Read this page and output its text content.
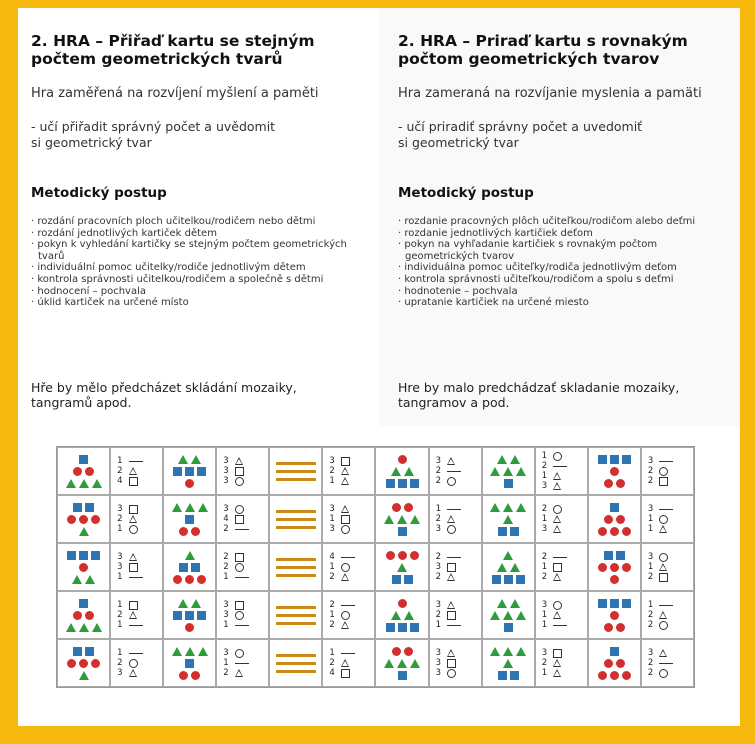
2. HRA – Přiřaď kartu se stejným počtem geometrických tvarů
Hra zaměřená na rozvíjení myšlení a paměti
- učí přiřadit správný počet a uvědomit
si geometrický tvar
Metodický postup
· rozdání pracovních ploch učitelkou/rodičem nebo dětmi
· rozdání jednotlivých kartiček dětem
· pokyn k vyhledání kartičky se stejným počtem geometrických tvarů
· individuální pomoc učitelky/rodiče jednotlivým dětem
· kontrola správnosti učitelkou/rodičem a společně s dětmi
· hodnocení – pochvala
· úklid kartiček na určené místo
Hře by mělo předcházet skládání mozaiky,
tangramů apod.
2. HRA – Priraď kartu s rovnakým počtom geometrických tvarov
Hra zameraná na rozvíjanie myslenia a pamäti
- učí priradiť správny počet a uvedomiť
si geometrický tvar
Metodický postup
· rozdanie pracovných plôch učiteľkou/rodičom alebo deťmi
· rozdanie jednotlivých kartičiek deťom
· pokyn na vyhľadanie kartičiek s rovnakým počtom geometrických tvarov
· individuálna pomoc učiteľky/rodiča jednotlivým deťom
· kontrola správnosti učiteľkou/rodičom a spolu s deťmi
· hodnotenie – pochvala
· upratanie kartičiek na určené miesto
Hre by malo predchádzať skladanie mozaiky,
tangramov a pod.
1
2
4
3
3
3
3
2
1
3
2
2
1
2
1
3
3
2
2
3
2
1
3
4
2
3
1
3
1
2
3
2
1
3
3
1
1
3
3
1
2
2
1
4
1
2
2
3
2
2
1
2
3
1
2
1
2
1
3
3
1
2
1
2
3
2
1
3
1
1
1
2
2
1
2
3
3
1
2
1
2
4
3
3
3
3
2
1
3
2
2
